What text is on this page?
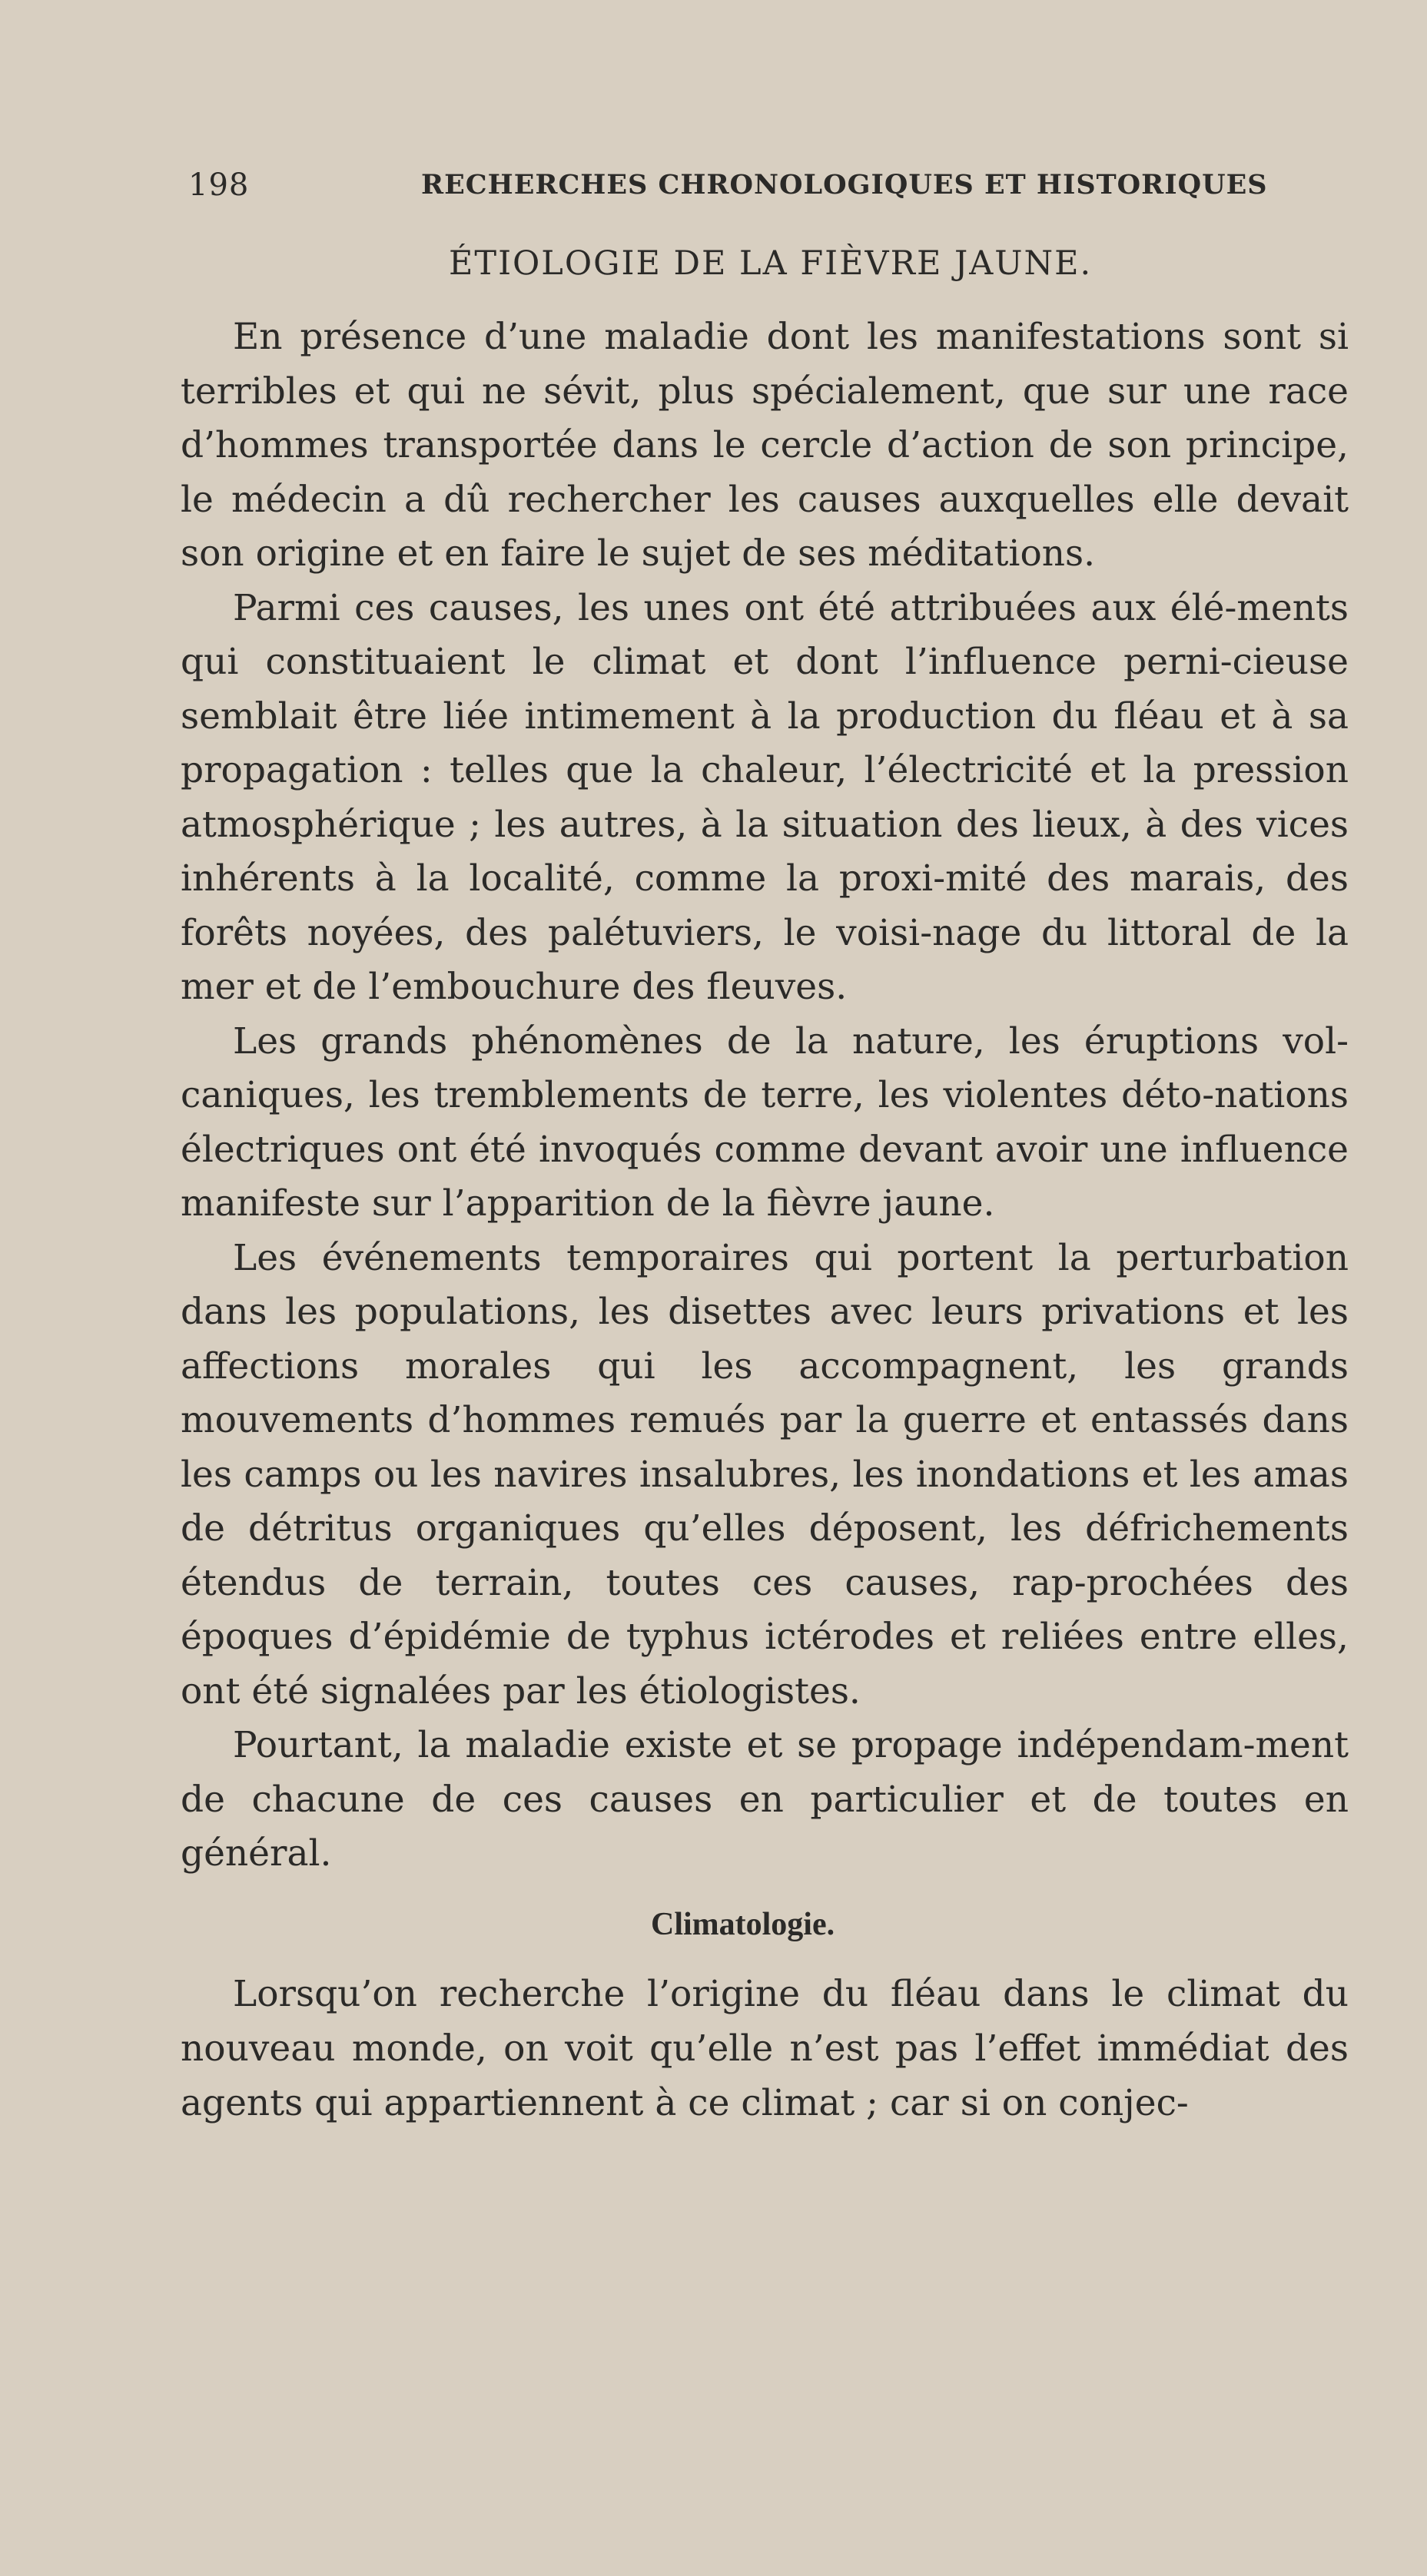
198	RECHERCHES CHRONOLOGIQUES ET HISTORIQUES
ÉTIOLOGIE DE LA FIÈVRE JAUNE.

En présence d’une maladie dont les manifestations sont si terribles et qui ne sévit, plus spécialement, que sur une race d’hommes transportée dans le cercle d’action de son principe, le médecin a dû rechercher les causes auxquelles elle devait son origine et en faire le sujet de ses méditations.

Parmi ces causes, les unes ont été attribuées aux élé-ments qui constituaient le climat et dont l’influence perni-cieuse semblait être liée intimement à la production du fléau et à sa propagation : telles que la chaleur, l’électricité et la pression atmosphérique ; les autres, à la situation des lieux, à des vices inhérents à la localité, comme la proxi-mité des marais, des forêts noyées, des palétuviers, le voisi-nage du littoral de la mer et de l’embouchure des fleuves.

Les grands phénomènes de la nature, les éruptions vol-caniques, les tremblements de terre, les violentes déto-nations électriques ont été invoqués comme devant avoir une influence manifeste sur l’apparition de la fièvre jaune.

Les événements temporaires qui portent la perturbation dans les populations, les disettes avec leurs privations et les affections morales qui les accompagnent, les grands mouvements d’hommes remués par la guerre et entassés dans les camps ou les navires insalubres, les inondations et les amas de détritus organiques qu’elles déposent, les défrichements étendus de terrain, toutes ces causes, rap-prochées des époques d’épidémie de typhus ictérodes et reliées entre elles, ont été signalées par les étiologistes.

Pourtant, la maladie existe et se propage indépendam-ment de chacune de ces causes en particulier et de toutes en général.

Climatologie.

Lorsqu’on recherche l’origine du fléau dans le climat du nouveau monde, on voit qu’elle n’est pas l’effet immédiat des agents qui appartiennent à ce climat ; car si on conjec-
